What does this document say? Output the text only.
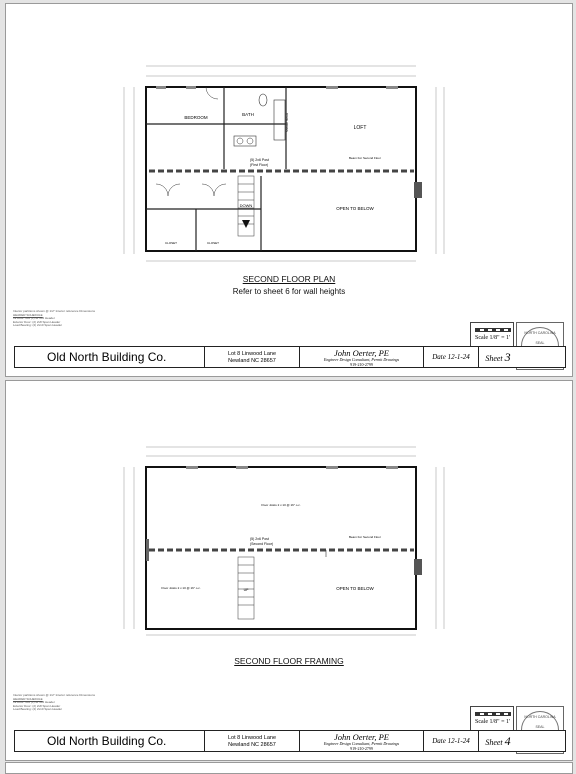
BEDROOM
BATH
LOFT
Shower 60x32
(5) 2x6 Post
(First Floor)
Beam For Second Floor
DOWN
OPEN TO BELOW
CLOSET	CLOSET
SECOND FLOOR PLAN
Refer to sheet 6 for wall heights
Interior partitions shown @ 1/2" Interior reference Dimensions
HEADER SCHEDULE
Int Door: 2x6 (1) w/ 2x6 Header
Exterior Door: (2) 2x8 Span Header
Load Bearing: (2) 2x10 Span Header
Scale 1/8" = 1'
NORTH CAROLINA
SEAL
Old North Building Co.	Lot 8 Linwood Lane
Newland NC 28657
John Oerter, PE
Engineer Design Consultant, Permit Drawings
919-210-2799
Date 12-1-24	Sheet 3
Floor Joists 2 x 10 @ 16" o.c.
Floor Joists 2 x 10 @ 16" o.c.
(5) 2x6 Post
(Second Floor)
Beam For Second Floor
OPEN TO BELOW
UP
SECOND FLOOR FRAMING
Interior partitions shown @ 1/2" Interior reference Dimensions
HEADER SCHEDULE
Int Door: 2x6 (1) w/ 2x6 Header
Exterior Door: (2) 2x8 Span Header
Load Bearing: (2) 2x10 Span Header
Scale 1/8" = 1'
NORTH CAROLINA
SEAL
Old North Building Co.	Lot 8 Linwood Lane
Newland NC 28657
John Oerter, PE
Engineer Design Consultant, Permit Drawings
919-210-2799
Date 12-1-24	Sheet 4
